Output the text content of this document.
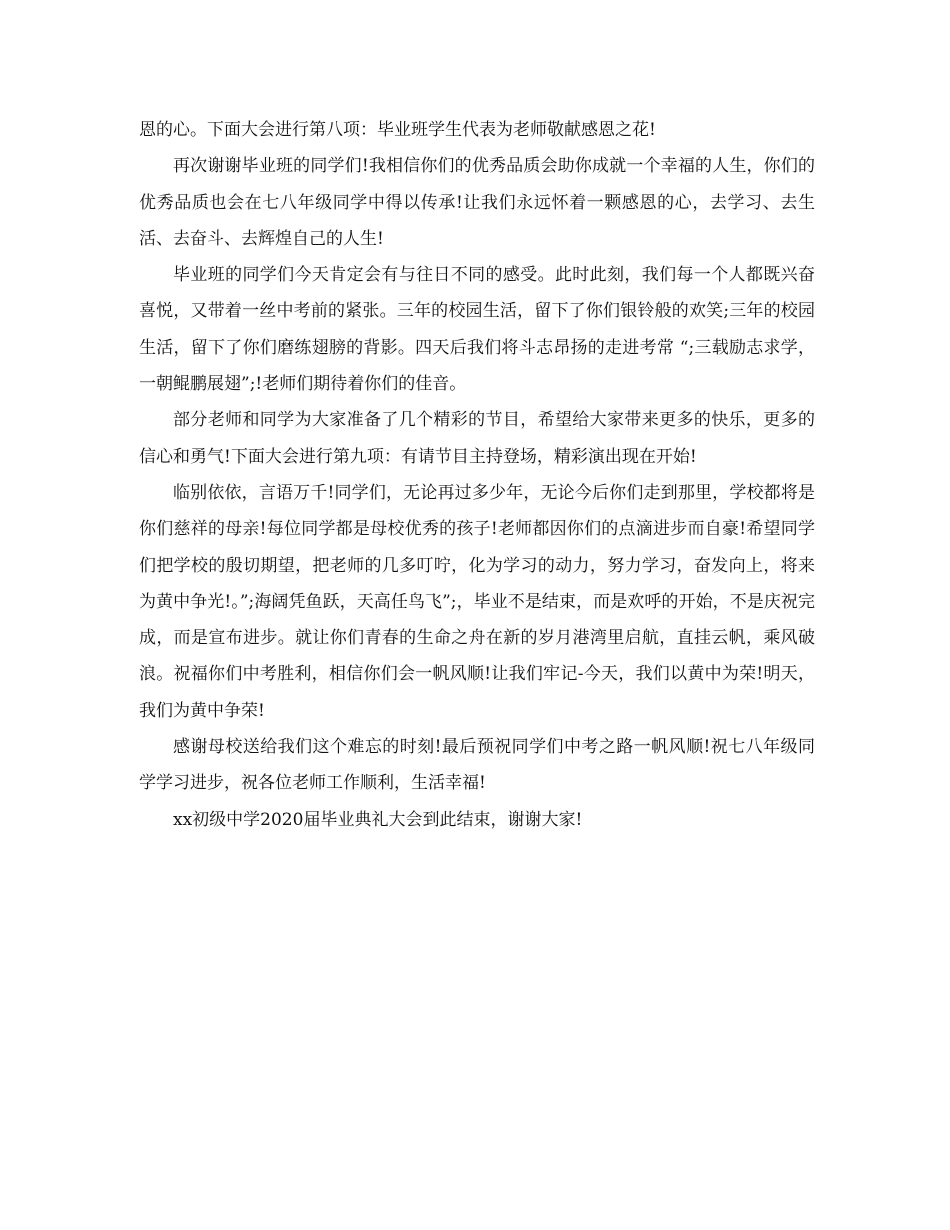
恩的心。下面大会进行第八项：毕业班学生代表为老师敬献感恩之花!

再次谢谢毕业班的同学们!我相信你们的优秀品质会助你成就一个幸福的人生，你们的优秀品质也会在七八年级同学中得以传承!让我们永远怀着一颗感恩的心，去学习、去生活、去奋斗、去辉煌自己的人生!

毕业班的同学们今天肯定会有与往日不同的感受。此时此刻，我们每一个人都既兴奋喜悦，又带着一丝中考前的紧张。三年的校园生活，留下了你们银铃般的欢笑;三年的校园生活，留下了你们磨练翅膀的背影。四天后我们将斗志昂扬的走进考常 “;三载励志求学，一朝鲲鹏展翅”;!老师们期待着你们的佳音。

部分老师和同学为大家准备了几个精彩的节目，希望给大家带来更多的快乐，更多的信心和勇气!下面大会进行第九项：有请节目主持登场，精彩演出现在开始!

临别依依，言语万千!同学们，无论再过多少年，无论今后你们走到那里，学校都将是你们慈祥的母亲!每位同学都是母校优秀的孩子!老师都因你们的点滴进步而自豪!希望同学们把学校的殷切期望，把老师的几多叮咛，化为学习的动力，努力学习，奋发向上，将来为黄中争光!。”;海阔凭鱼跃，天高任鸟飞”;，毕业不是结束，而是欢呼的开始，不是庆祝完成，而是宣布进步。就让你们青春的生命之舟在新的岁月港湾里启航，直挂云帆，乘风破浪。祝福你们中考胜利，相信你们会一帆风顺!让我们牢记-今天，我们以黄中为荣!明天，我们为黄中争荣!

感谢母校送给我们这个难忘的时刻!最后预祝同学们中考之路一帆风顺!祝七八年级同学学习进步，祝各位老师工作顺利，生活幸福!

xx初级中学2020届毕业典礼大会到此结束，谢谢大家!
